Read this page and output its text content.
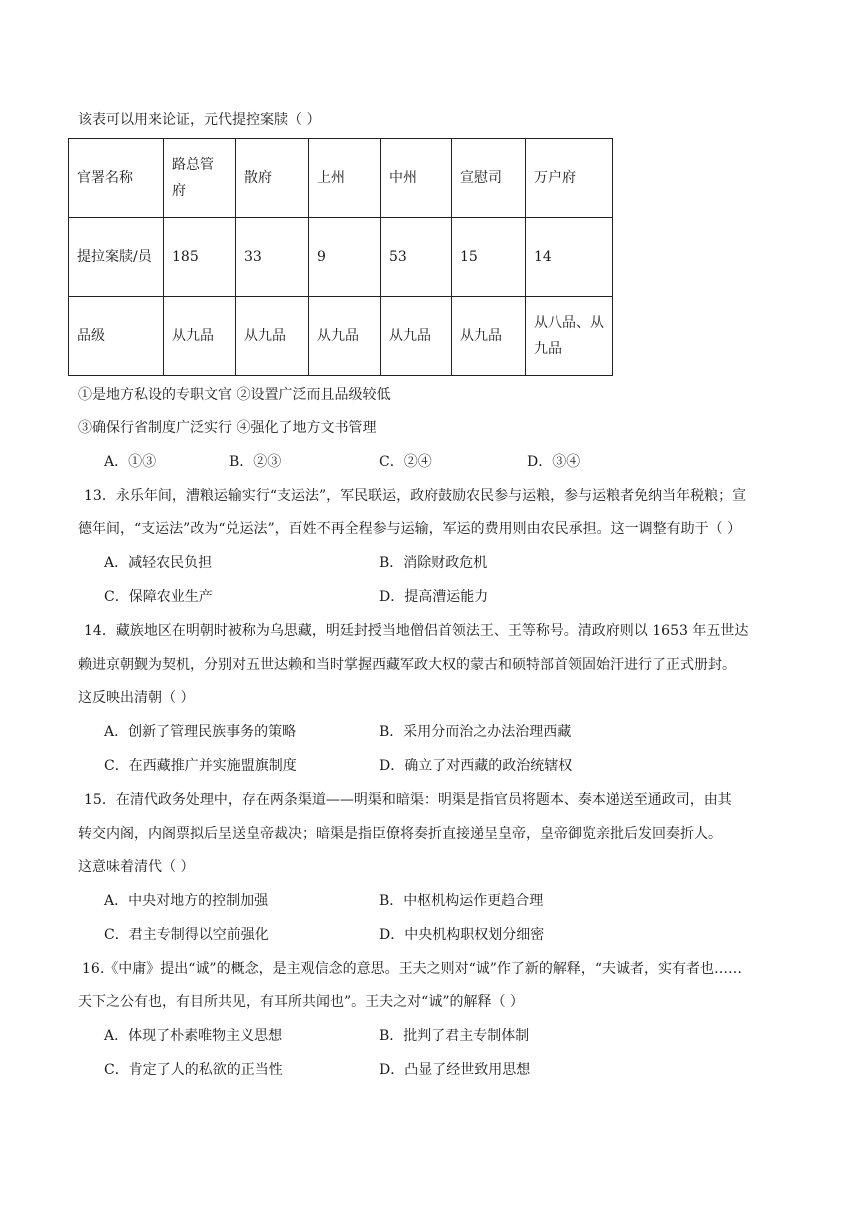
该表可以用来论证，元代提控案牍（ ）
官署名称	路总管府	散府	上州	中州	宣慰司	万户府
提拉案牍/员	185	33	9	53	15	14
品级	从九品	从九品	从九品	从九品	从九品	从八品、从九品
①是地方私设的专职文官 ②设置广泛而且品级较低
③确保行省制度广泛实行 ④强化了地方文书管理
A．①③	B．②③	C．②④	D．③④
13．永乐年间，漕粮运输实行“支运法”，军民联运，政府鼓励农民参与运粮，参与运粮者免纳当年税粮；宣
德年间，“支运法”改为“兑运法”，百姓不再全程参与运输，军运的费用则由农民承担。这一调整有助于（ ）
A．减轻农民负担	B．消除财政危机
C．保障农业生产	D．提高漕运能力
14．藏族地区在明朝时被称为乌思藏，明廷封授当地僧侣首领法王、王等称号。清政府则以 1653 年五世达
赖进京朝觐为契机，分别对五世达赖和当时掌握西藏军政大权的蒙古和硕特部首领固始汗进行了正式册封。
这反映出清朝（ ）
A．创新了管理民族事务的策略	B．采用分而治之办法治理西藏
C．在西藏推广并实施盟旗制度	D．确立了对西藏的政治统辖权
15．在清代政务处理中，存在两条渠道——明渠和暗渠：明渠是指官员将题本、奏本递送至通政司，由其
转交内阁，内阁票拟后呈送皇帝裁决；暗渠是指臣僚将奏折直接递呈皇帝，皇帝御览亲批后发回奏折人。
这意味着清代（ ）
A．中央对地方的控制加强	B．中枢机构运作更趋合理
C．君主专制得以空前强化	D．中央机构职权划分细密
16.《中庸》提出“诚”的概念，是主观信念的意思。王夫之则对“诚”作了新的解释，“夫诚者，实有者也……
天下之公有也，有目所共见，有耳所共闻也”。王夫之对“诚”的解释（ ）
A．体现了朴素唯物主义思想	B．批判了君主专制体制
C．肯定了人的私欲的正当性	D．凸显了经世致用思想
